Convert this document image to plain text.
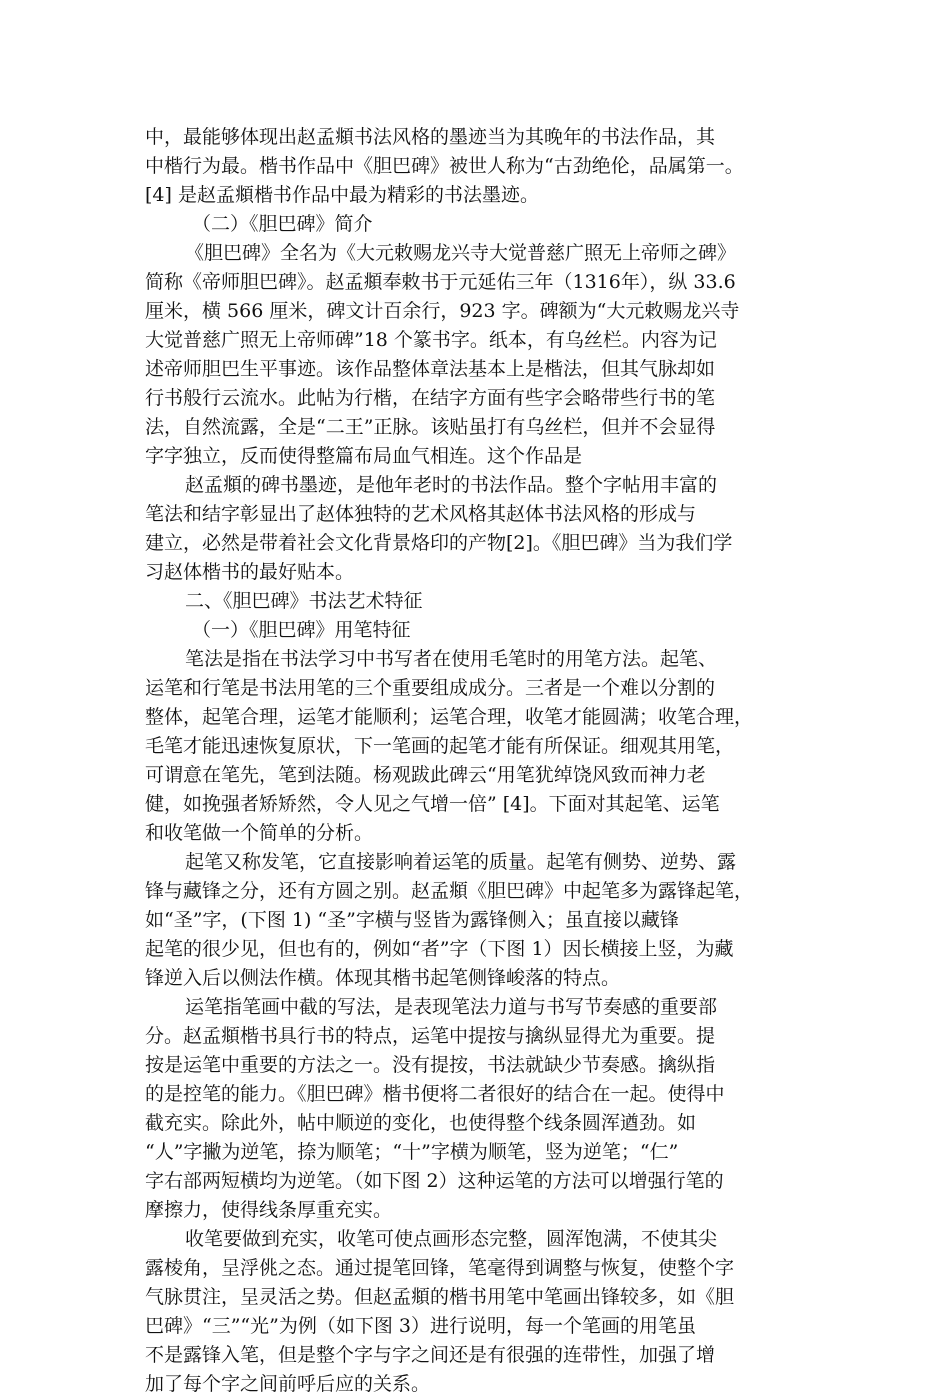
中，最能够体现出赵孟頫书法风格的墨迹当为其晚年的书法作品，其
中楷行为最。楷书作品中《胆巴碑》被世人称为“古劲绝伦，品属第一。
[4] 是赵孟頫楷书作品中最为精彩的书法墨迹。
（二）《胆巴碑》简介
《胆巴碑》全名为《大元敕赐龙兴寺大觉普慈广照无上帝师之碑》
简称《帝师胆巴碑》。赵孟頫奉敕书于元延佑三年（1316年），纵 33.6
厘米，横 566 厘米，碑文计百余行，923 字。碑额为“大元敕赐龙兴寺
大觉普慈广照无上帝师碑”18 个篆书字。纸本，有乌丝栏。内容为记
述帝师胆巴生平事迹。该作品整体章法基本上是楷法，但其气脉却如
行书般行云流水。此帖为行楷，在结字方面有些字会略带些行书的笔
法，自然流露，全是“二王”正脉。该贴虽打有乌丝栏，但并不会显得
字字独立，反而使得整篇布局血气相连。这个作品是
赵孟頫的碑书墨迹，是他年老时的书法作品。整个字帖用丰富的
笔法和结字彰显出了赵体独特的艺术风格其赵体书法风格的形成与
建立，必然是带着社会文化背景烙印的产物[2]。《胆巴碑》当为我们学
习赵体楷书的最好贴本。
二、《胆巴碑》书法艺术特征
（一）《胆巴碑》用笔特征
笔法是指在书法学习中书写者在使用毛笔时的用笔方法。起笔、
运笔和行笔是书法用笔的三个重要组成成分。三者是一个难以分割的
整体，起笔合理，运笔才能顺利；运笔合理，收笔才能圆满；收笔合理，
毛笔才能迅速恢复原状，下一笔画的起笔才能有所保证。细观其用笔，
可谓意在笔先，笔到法随。杨观跋此碑云“用笔犹绰饶风致而神力老
健，如挽强者矫矫然，令人见之气增一倍” [4]。下面对其起笔、运笔
和收笔做一个简单的分析。
起笔又称发笔，它直接影响着运笔的质量。起笔有侧势、逆势、露
锋与藏锋之分，还有方圆之别。赵孟頫《胆巴碑》中起笔多为露锋起笔，
如“圣”字，(下图 1) “圣”字横与竖皆为露锋侧入；虽直接以藏锋
起笔的很少见，但也有的，例如“者”字（下图 1）因长横接上竖，为藏
锋逆入后以侧法作横。体现其楷书起笔侧锋峻落的特点。
运笔指笔画中截的写法，是表现笔法力道与书写节奏感的重要部
分。赵孟頫楷书具行书的特点，运笔中提按与擒纵显得尤为重要。提
按是运笔中重要的方法之一。没有提按，书法就缺少节奏感。擒纵指
的是控笔的能力。《胆巴碑》楷书便将二者很好的结合在一起。使得中
截充实。除此外，帖中顺逆的变化，也使得整个线条圆浑遒劲。如
“人”字撇为逆笔，捺为顺笔；“十”字横为顺笔，竖为逆笔；“仁”
字右部两短横均为逆笔。（如下图 2）这种运笔的方法可以增强行笔的
摩擦力，使得线条厚重充实。
收笔要做到充实，收笔可使点画形态完整，圆浑饱满，不使其尖
露棱角，呈浮佻之态。通过提笔回锋，笔毫得到调整与恢复，使整个字
气脉贯注，呈灵活之势。但赵孟頫的楷书用笔中笔画出锋较多，如《胆
巴碑》“三”“光”为例（如下图 3）进行说明，每一个笔画的用笔虽
不是露锋入笔，但是整个字与字之间还是有很强的连带性，加强了增
加了每个字之间前呼后应的关系。
